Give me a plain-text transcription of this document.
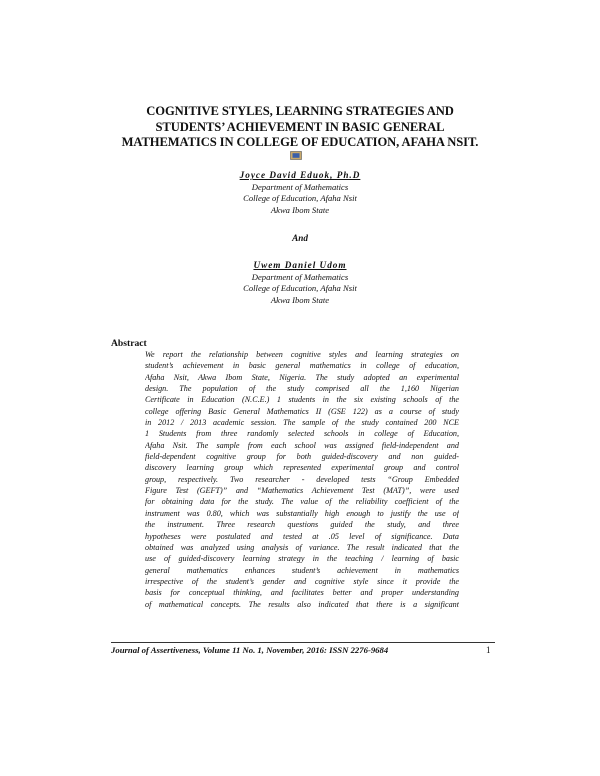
COGNITIVE STYLES, LEARNING STRATEGIES AND
STUDENTS’ ACHIEVEMENT IN BASIC GENERAL
MATHEMATICS IN COLLEGE OF EDUCATION, AFAHA NSIT.
Joyce David Eduok, Ph.D
Department of Mathematics
College of Education, Afaha Nsit
Akwa Ibom State
And
Uwem Daniel Udom
Department of Mathematics
College of Education, Afaha Nsit
Akwa Ibom State
Abstract
We report the relationship between cognitive styles and learning strategies on
student’s achievement in basic general mathematics in college of education,
Afaha Nsit, Akwa Ibom State, Nigeria. The study adopted an experimental
design. The population of the study comprised all the 1,160 Nigerian
Certificate in Education (N.C.E.) 1 students in the six existing schools of the
college offering Basic General Mathematics II (GSE 122) as a course of study
in 2012 / 2013 academic session. The sample of the study contained 200 NCE
1 Students from three randomly selected schools in college of Education,
Afaha Nsit. The sample from each school was assigned field-independent and
field-dependent cognitive group for both guided-discovery and non guided-
discovery learning group which represented experimental group and control
group, respectively. Two researcher - developed tests “Group Embedded
Figure Test (GEFT)” and “Mathematics Achievement Test (MAT)”, were used
for obtaining data for the study. The value of the reliability coefficient of the
instrument was 0.80, which was substantially high enough to justify the use of
the instrument. Three research questions guided the study, and three
hypotheses were postulated and tested at .05 level of significance. Data
obtained was analyzed using analysis of variance. The result indicated that the
use of guided-discovery learning strategy in the teaching / learning of basic
general mathematics enhances student’s achievement in mathematics
irrespective of the student’s gender and cognitive style since it provide the
basis for conceptual thinking, and facilitates better and proper understanding
of mathematical concepts. The results also indicated that there is a significant
Journal of Assertiveness, Volume 11 No. 1, November, 2016: ISSN 2276-9684	1
